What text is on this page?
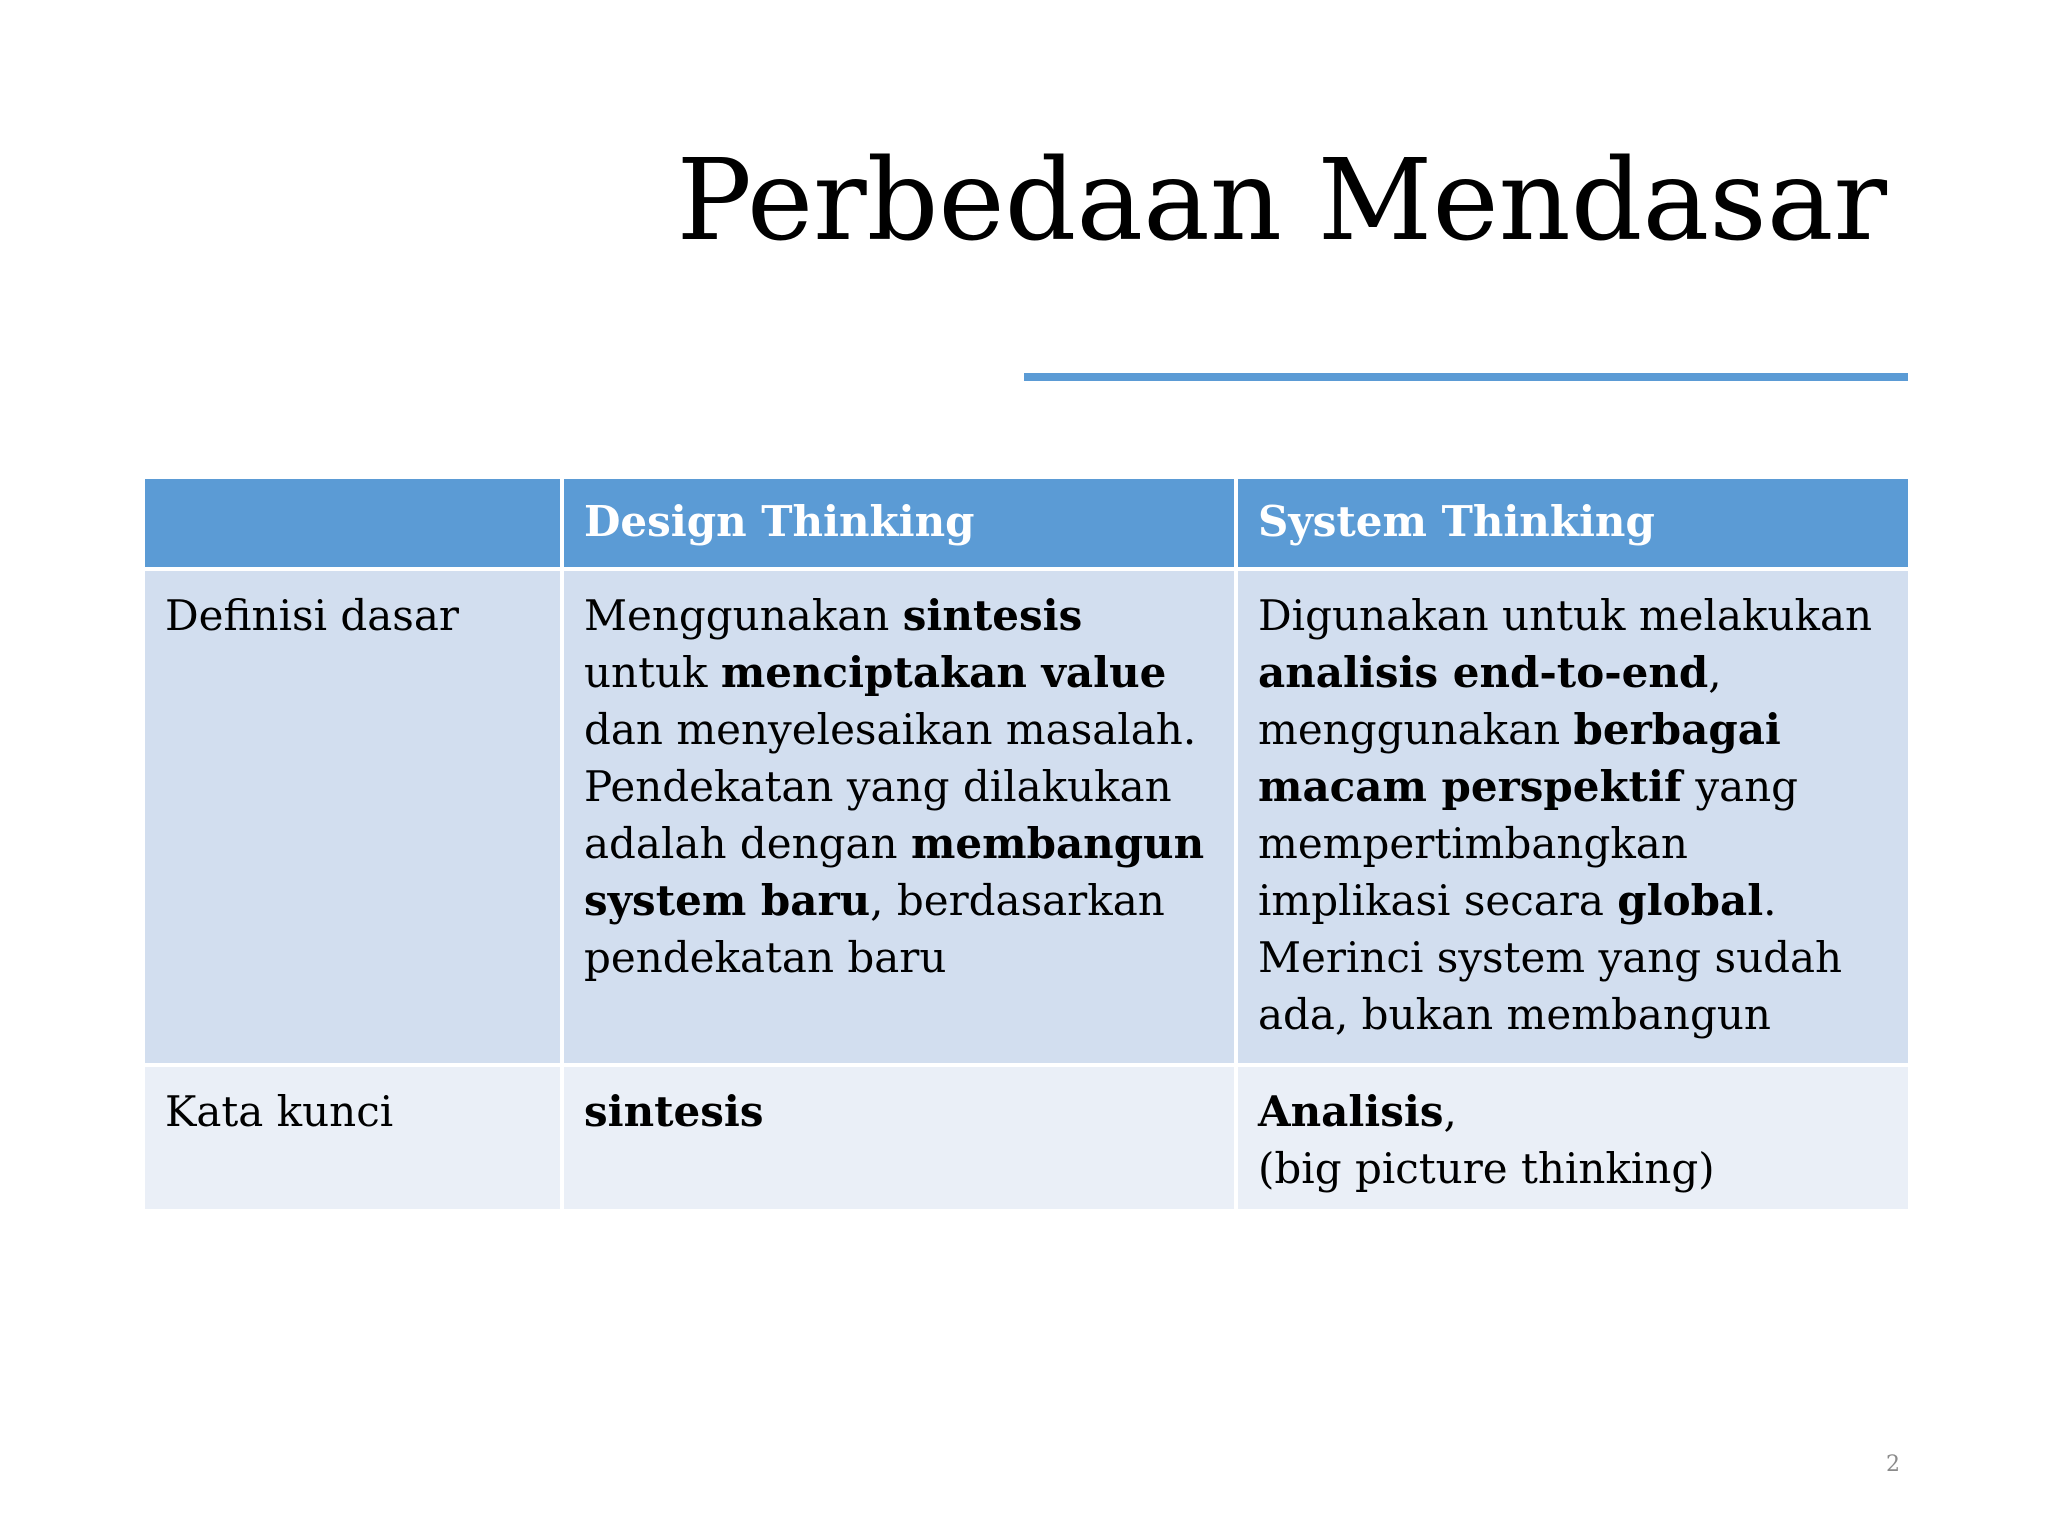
Perbedaan Mendasar
	Design Thinking	System Thinking
Definisi dasar	Menggunakan sintesis untuk menciptakan value dan menyelesaikan masalah. Pendekatan yang dilakukan adalah dengan membangun system baru, berdasarkan pendekatan baru	Digunakan untuk melakukan analisis end-to-end, menggunakan berbagai macam perspektif yang mempertimbangkan implikasi secara global.
Merinci system yang sudah ada, bukan membangun

Kata kunci	sintesis	Analisis,
(big picture thinking)
2
